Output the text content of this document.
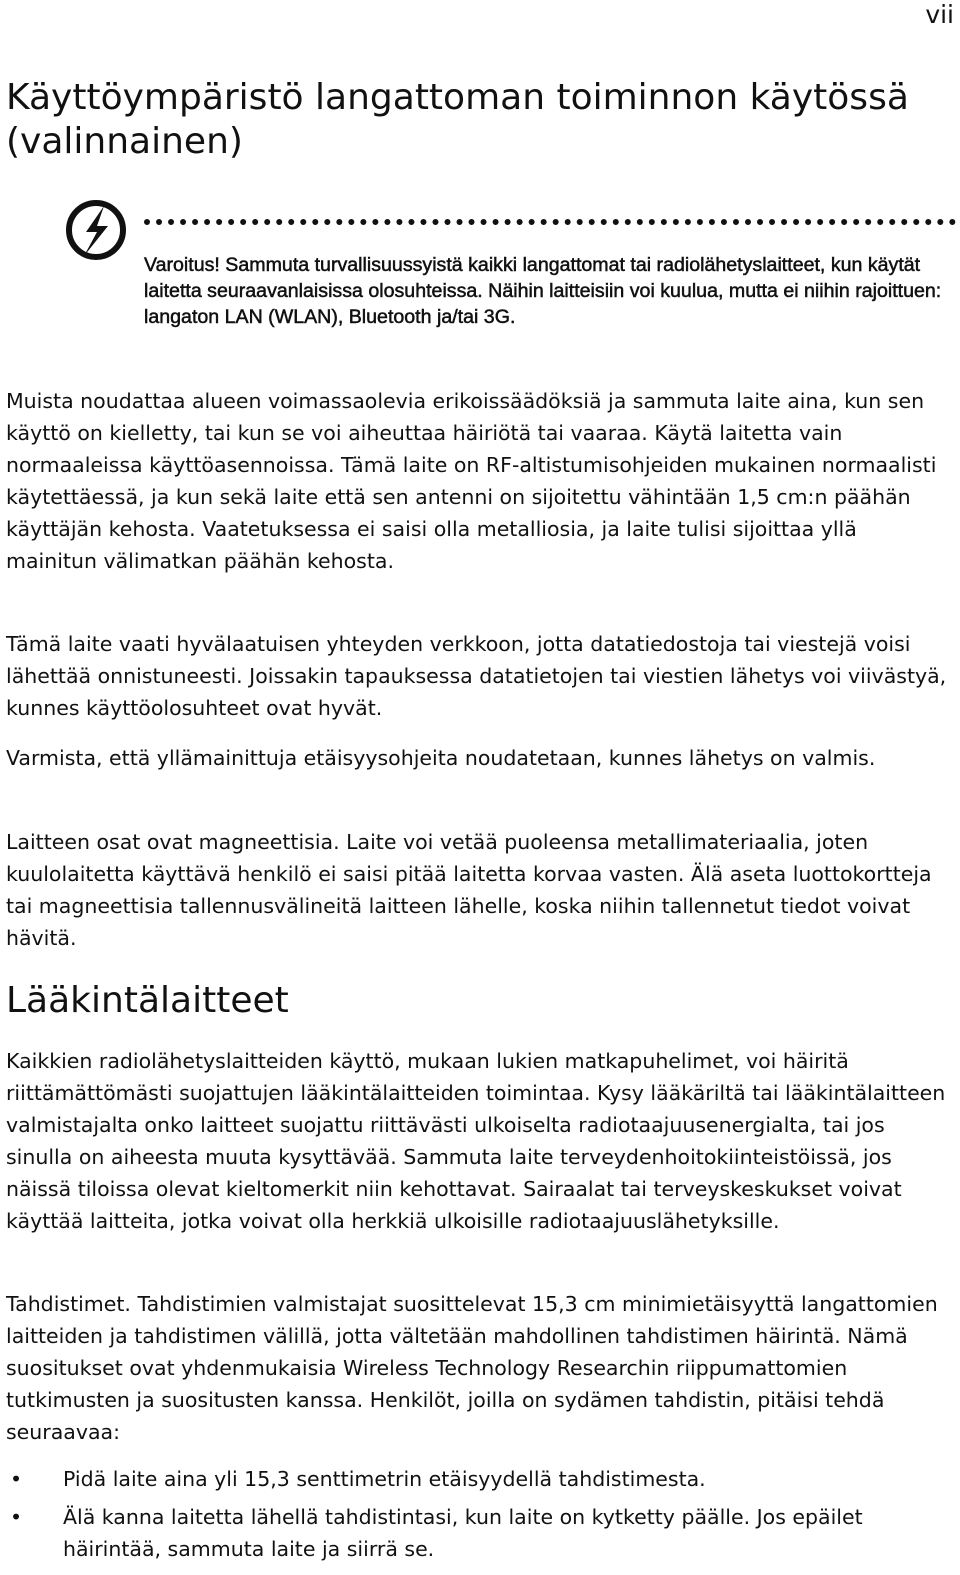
vii
Käyttöympäristö langattoman toiminnon käytössä (valinnainen)
Varoitus! Sammuta turvallisuussyistä kaikki langattomat tai radiolähetyslaitteet, kun käytät laitetta seuraavanlaisissa olosuhteissa. Näihin laitteisiin voi kuulua, mutta ei niihin rajoittuen: langaton LAN (WLAN), Bluetooth ja/tai 3G.

Muista noudattaa alueen voimassaolevia erikoissäädöksiä ja sammuta laite aina, kun sen käyttö on kielletty, tai kun se voi aiheuttaa häiriötä tai vaaraa. Käytä laitetta vain normaaleissa käyttöasennoissa. Tämä laite on RF-altistumisohjeiden mukainen normaalisti käytettäessä, ja kun sekä laite että sen antenni on sijoitettu vähintään 1,5 cm:n päähän käyttäjän kehosta. Vaatetuksessa ei saisi olla metalliosia, ja laite tulisi sijoittaa yllä mainitun välimatkan päähän kehosta.

Tämä laite vaati hyvälaatuisen yhteyden verkkoon, jotta datatiedostoja tai viestejä voisi lähettää onnistuneesti. Joissakin tapauksessa datatietojen tai viestien lähetys voi viivästyä, kunnes käyttöolosuhteet ovat hyvät.

Varmista, että yllämainittuja etäisyysohjeita noudatetaan, kunnes lähetys on valmis.

Laitteen osat ovat magneettisia. Laite voi vetää puoleensa metallimateriaalia, joten kuulolaitetta käyttävä henkilö ei saisi pitää laitetta korvaa vasten. Älä aseta luottokortteja tai magneettisia tallennusvälineitä laitteen lähelle, koska niihin tallennetut tiedot voivat hävitä.

Lääkintälaitteet

Kaikkien radiolähetyslaitteiden käyttö, mukaan lukien matkapuhelimet, voi häiritä riittämättömästi suojattujen lääkintälaitteiden toimintaa. Kysy lääkäriltä tai lääkintälaitteen valmistajalta onko laitteet suojattu riittävästi ulkoiselta radiotaajuusenergialta, tai jos sinulla on aiheesta muuta kysyttävää. Sammuta laite terveydenhoitokiinteistöissä, jos näissä tiloissa olevat kieltomerkit niin kehottavat. Sairaalat tai terveyskeskukset voivat käyttää laitteita, jotka voivat olla herkkiä ulkoisille radiotaajuuslähetyksille.

Tahdistimet. Tahdistimien valmistajat suosittelevat 15,3 cm minimietäisyyttä langattomien laitteiden ja tahdistimen välillä, jotta vältetään mahdollinen tahdistimen häirintä. Nämä suositukset ovat yhdenmukaisia Wireless Technology Researchin riippumattomien tutkimusten ja suositusten kanssa. Henkilöt, joilla on sydämen tahdistin, pitäisi tehdä seuraavaa:

• Pidä laite aina yli 15,3 senttimetrin etäisyydellä tahdistimesta.
• Älä kanna laitetta lähellä tahdistintasi, kun laite on kytketty päälle. Jos epäilet häirintää, sammuta laite ja siirrä se.
